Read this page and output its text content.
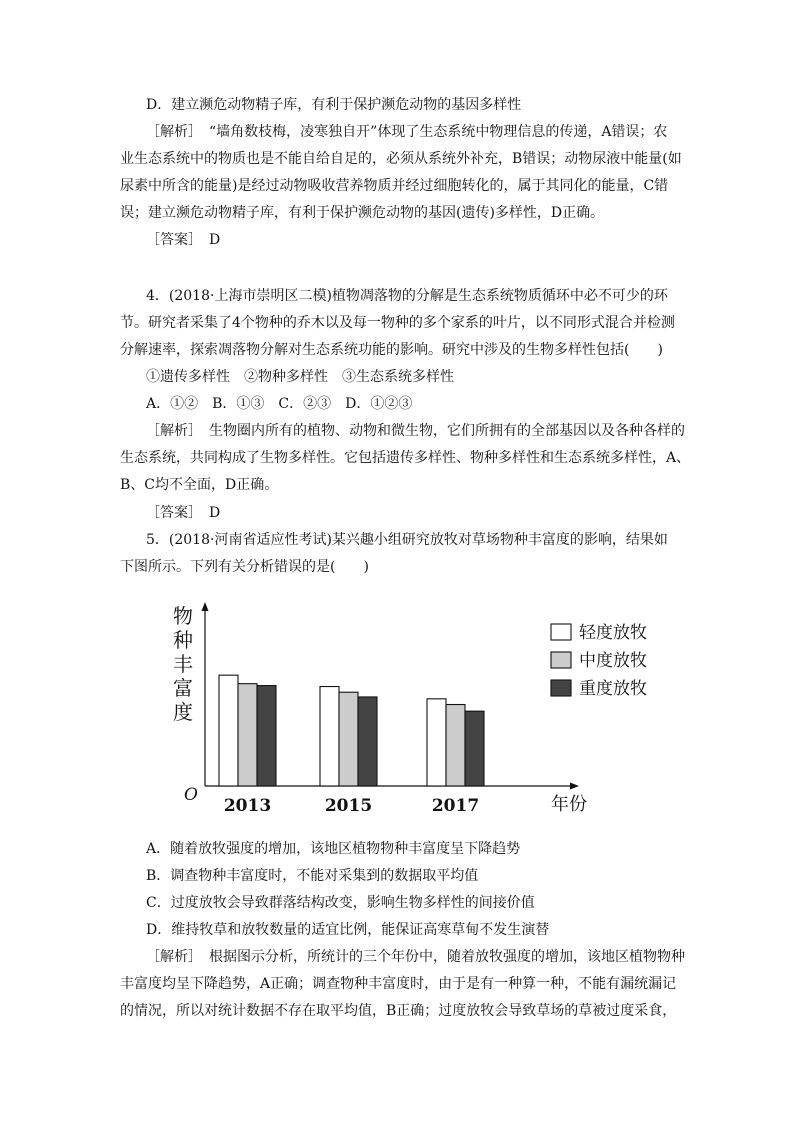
D．建立濒危动物精子库，有利于保护濒危动物的基因多样性
［解析］　“墙角数枝梅，凌寒独自开”体现了生态系统中物理信息的传递，A错误；农
业生态系统中的物质也是不能自给自足的，必须从系统外补充，B错误；动物尿液中能量(如
尿素中所含的能量)是经过动物吸收营养物质并经过细胞转化的，属于其同化的能量，C错
误；建立濒危动物精子库，有利于保护濒危动物的基因(遗传)多样性，D正确。
［答案］　D
4．(2018·上海市崇明区二模)植物凋落物的分解是生态系统物质循环中必不可少的环
节。研究者采集了4个物种的乔木以及每一物种的多个家系的叶片，以不同形式混合并检测
分解速率，探索凋落物分解对生态系统功能的影响。研究中涉及的生物多样性包括(　　)
①遗传多样性　②物种多样性　③生态系统多样性
A．①②　B．①③　C．②③　D．①②③
［解析］　生物圈内所有的植物、动物和微生物，它们所拥有的全部基因以及各种各样的
生态系统，共同构成了生物多样性。它包括遗传多样性、物种多样性和生态系统多样性，A、
B、C均不全面，D正确。
［答案］　D
5．(2018·河南省适应性考试)某兴趣小组研究放牧对草场物种丰富度的影响，结果如
下图所示。下列有关分析错误的是(　　)
物
种
丰
富
度
O	年份
2013	2015	2017
轻度放牧
中度放牧
重度放牧
A．随着放牧强度的增加，该地区植物物种丰富度呈下降趋势
B．调查物种丰富度时，不能对采集到的数据取平均值
C．过度放牧会导致群落结构改变，影响生物多样性的间接价值
D．维持牧草和放牧数量的适宜比例，能保证高寒草甸不发生演替
［解析］　根据图示分析，所统计的三个年份中，随着放牧强度的增加，该地区植物物种
丰富度均呈下降趋势，A正确；调查物种丰富度时，由于是有一种算一种，不能有漏统漏记
的情况，所以对统计数据不存在取平均值，B正确；过度放牧会导致草场的草被过度采食，
